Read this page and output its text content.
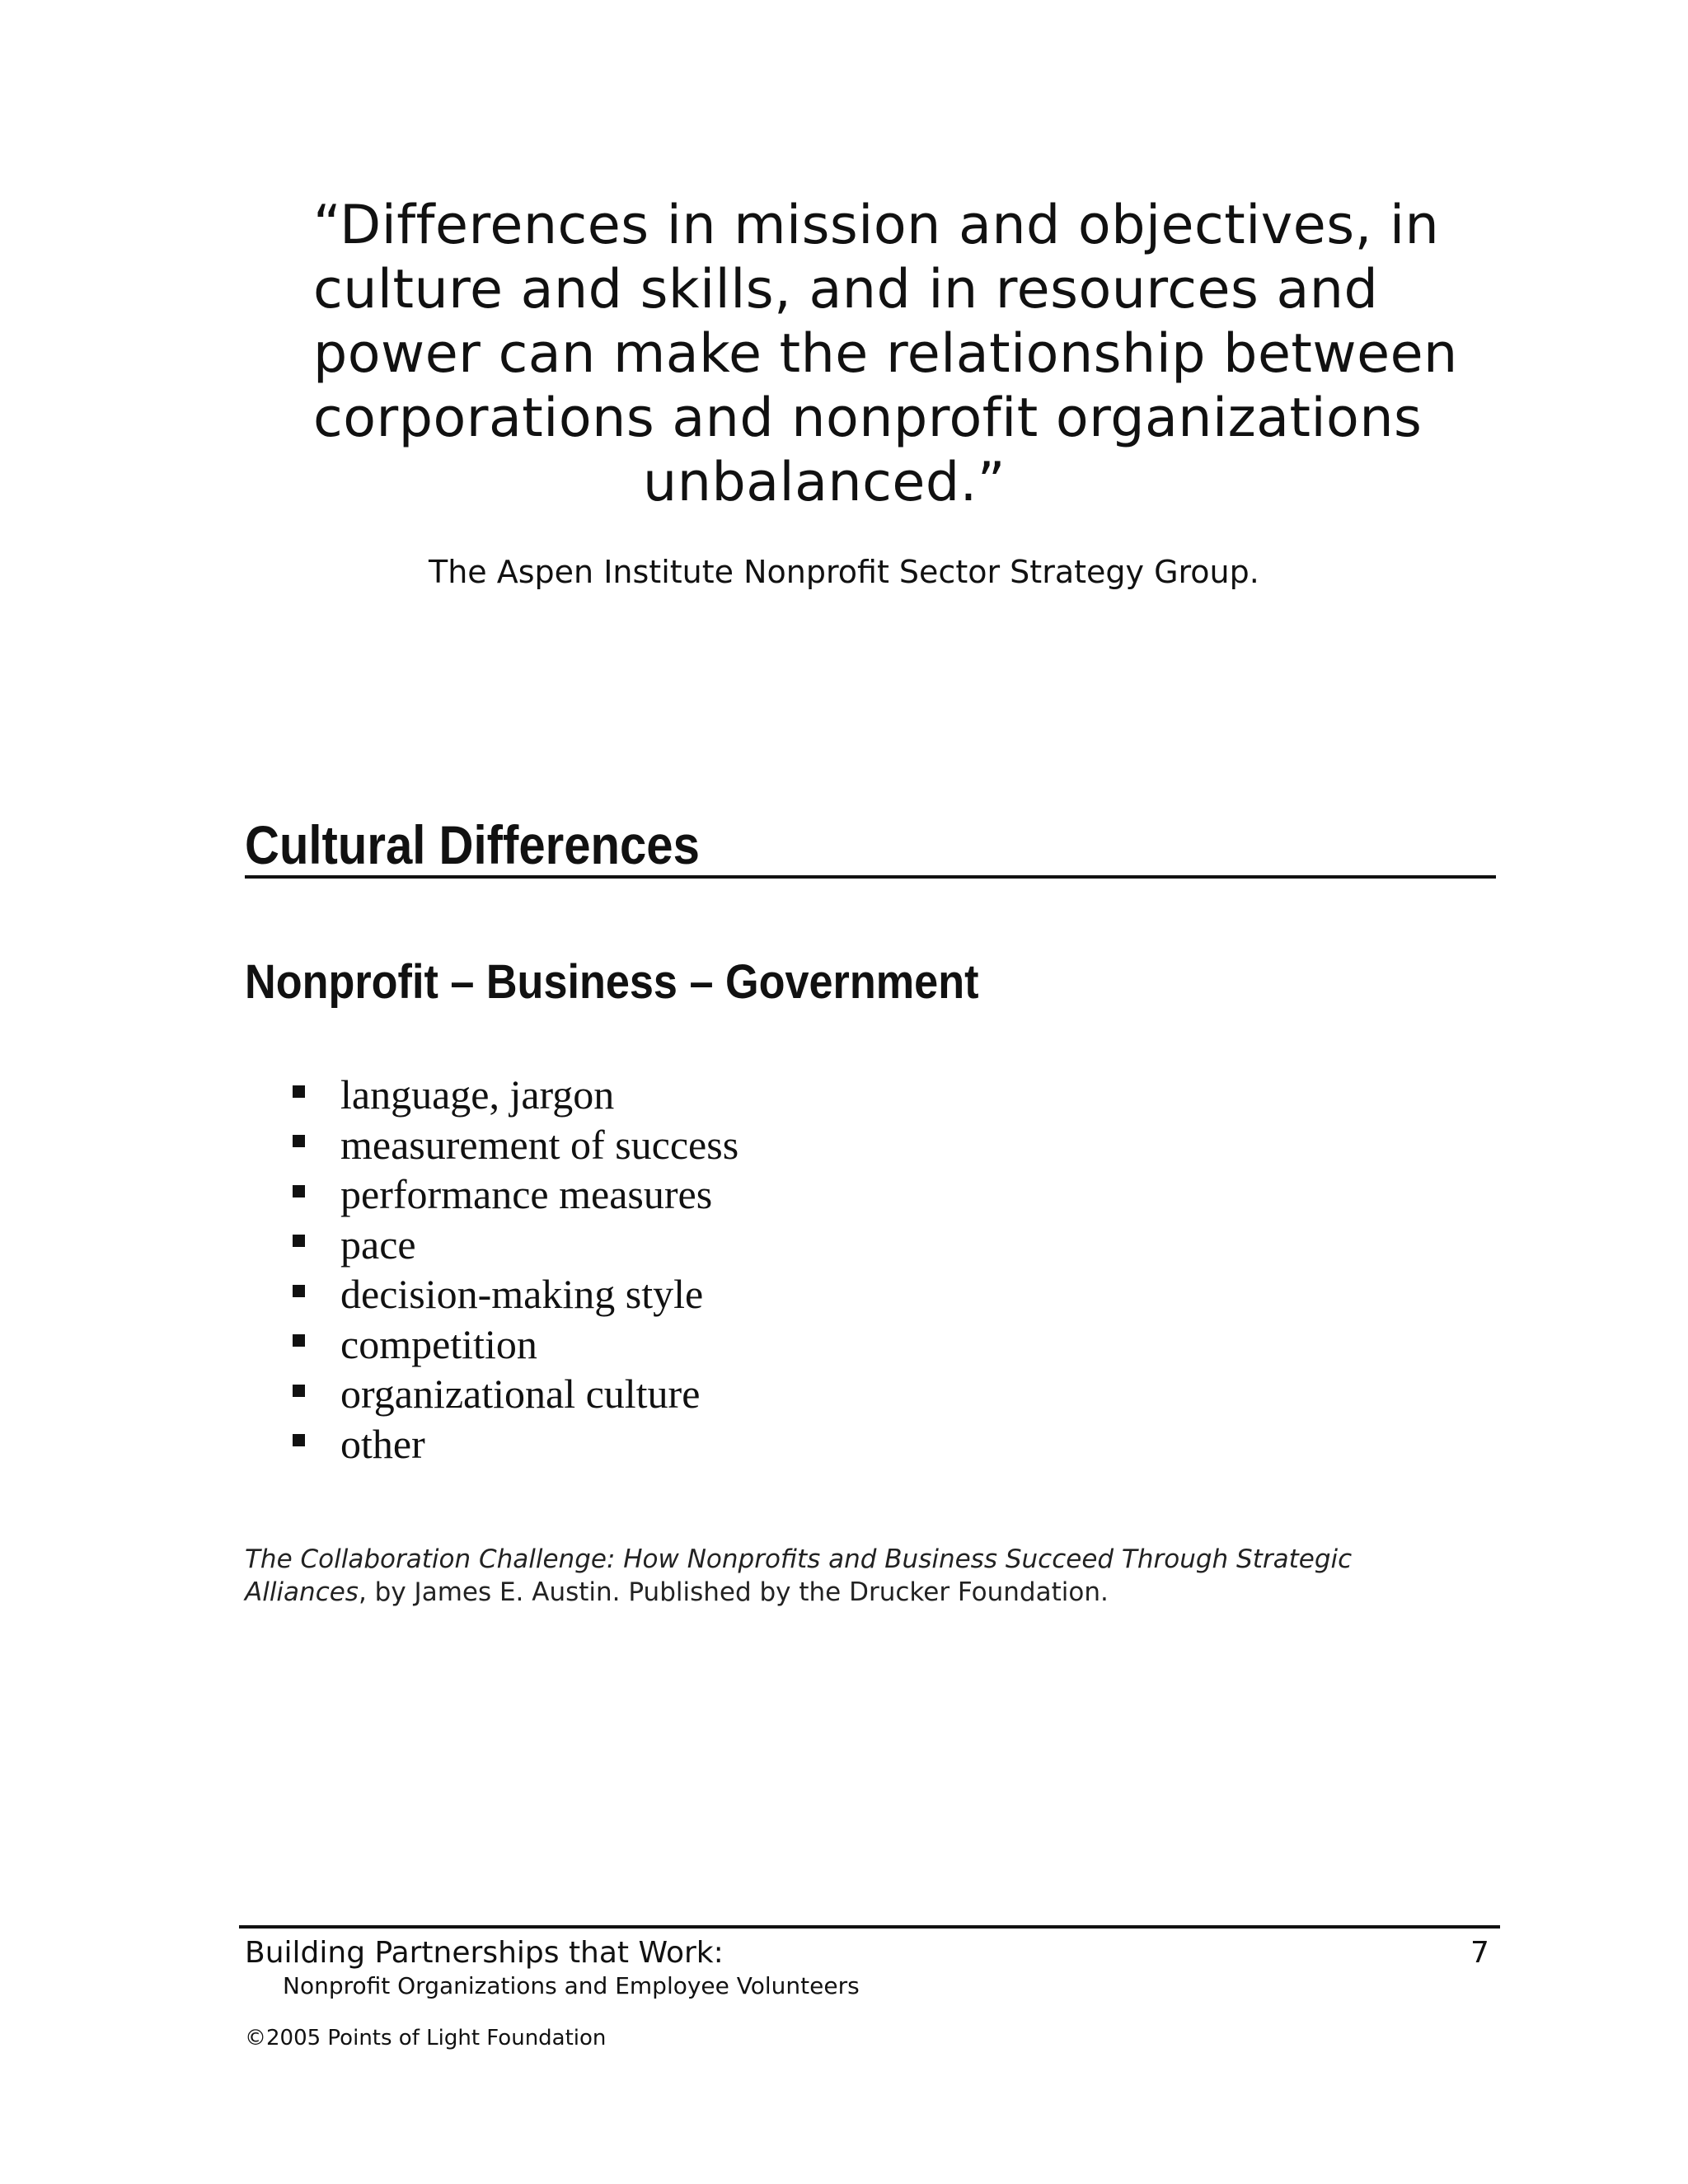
“Differences in mission and objectives, in
culture and skills, and in resources and
power can make the relationship between
corporations and nonprofit organizations
unbalanced.”
The Aspen Institute Nonprofit Sector Strategy Group.
Cultural Differences
Nonprofit – Business – Government
language, jargon
measurement of success
performance measures
pace
decision-making style
competition
organizational culture
other
The Collaboration Challenge: How Nonprofits and Business Succeed Through Strategic
Alliances, by James E. Austin. Published by the Drucker Foundation.
Building Partnerships that Work:	7
Nonprofit Organizations and Employee Volunteers
©2005 Points of Light Foundation
